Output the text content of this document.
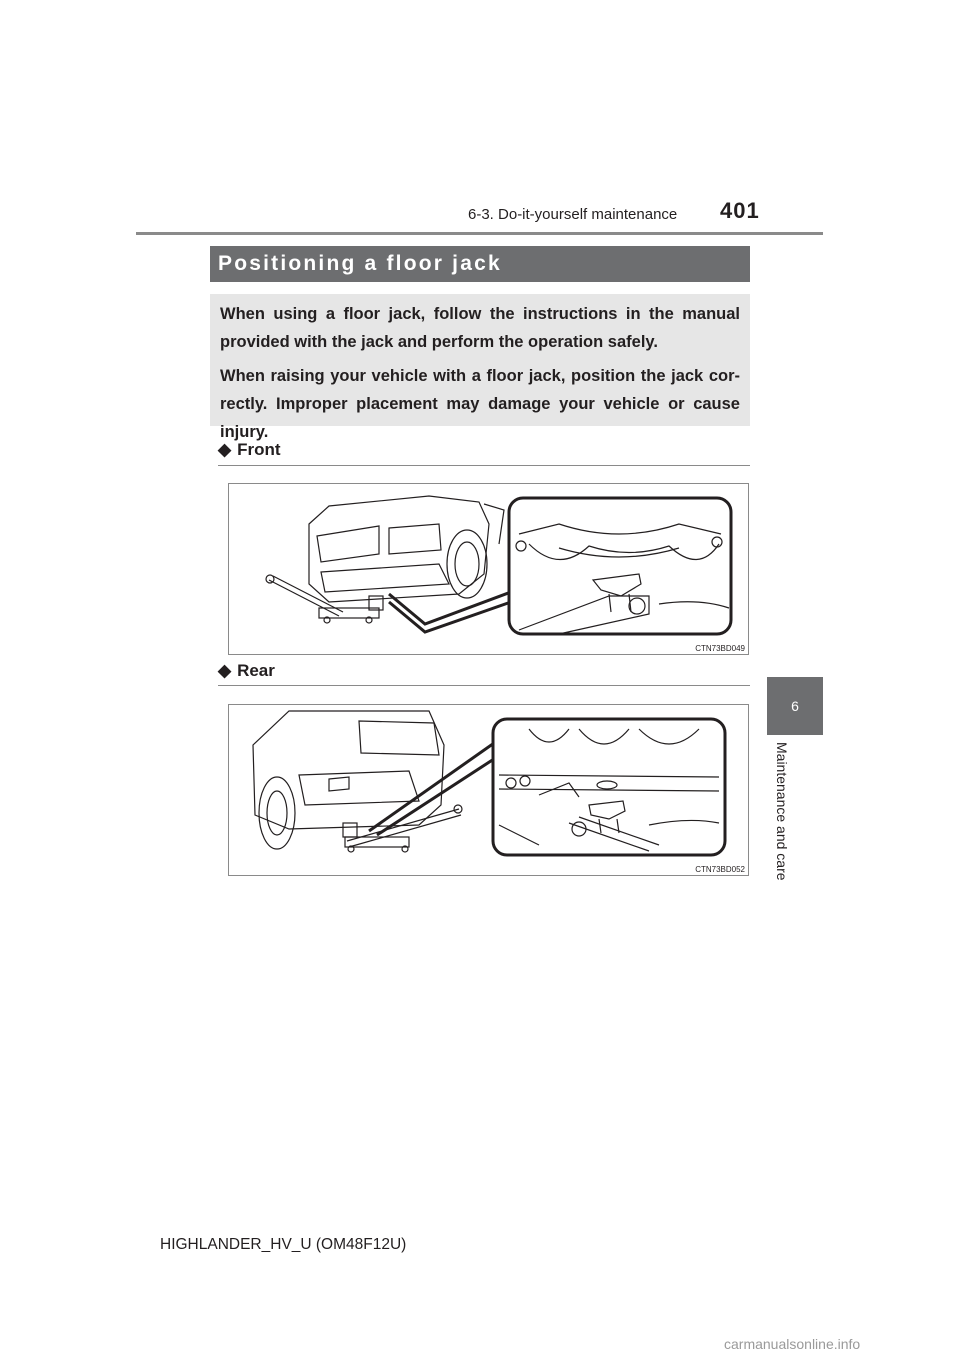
6-3. Do-it-yourself maintenance 401
Positioning a floor jack

When using a floor jack, follow the instructions in the manual provided with the jack and perform the operation safely.

When raising your vehicle with a floor jack, position the jack cor-rectly. Improper placement may damage your vehicle or cause injury.

◆ Front
CTN73BD049
◆ Rear
CTN73BD052
6
Maintenance and care
HIGHLANDER_HV_U (OM48F12U)
carmanualsonline.info
